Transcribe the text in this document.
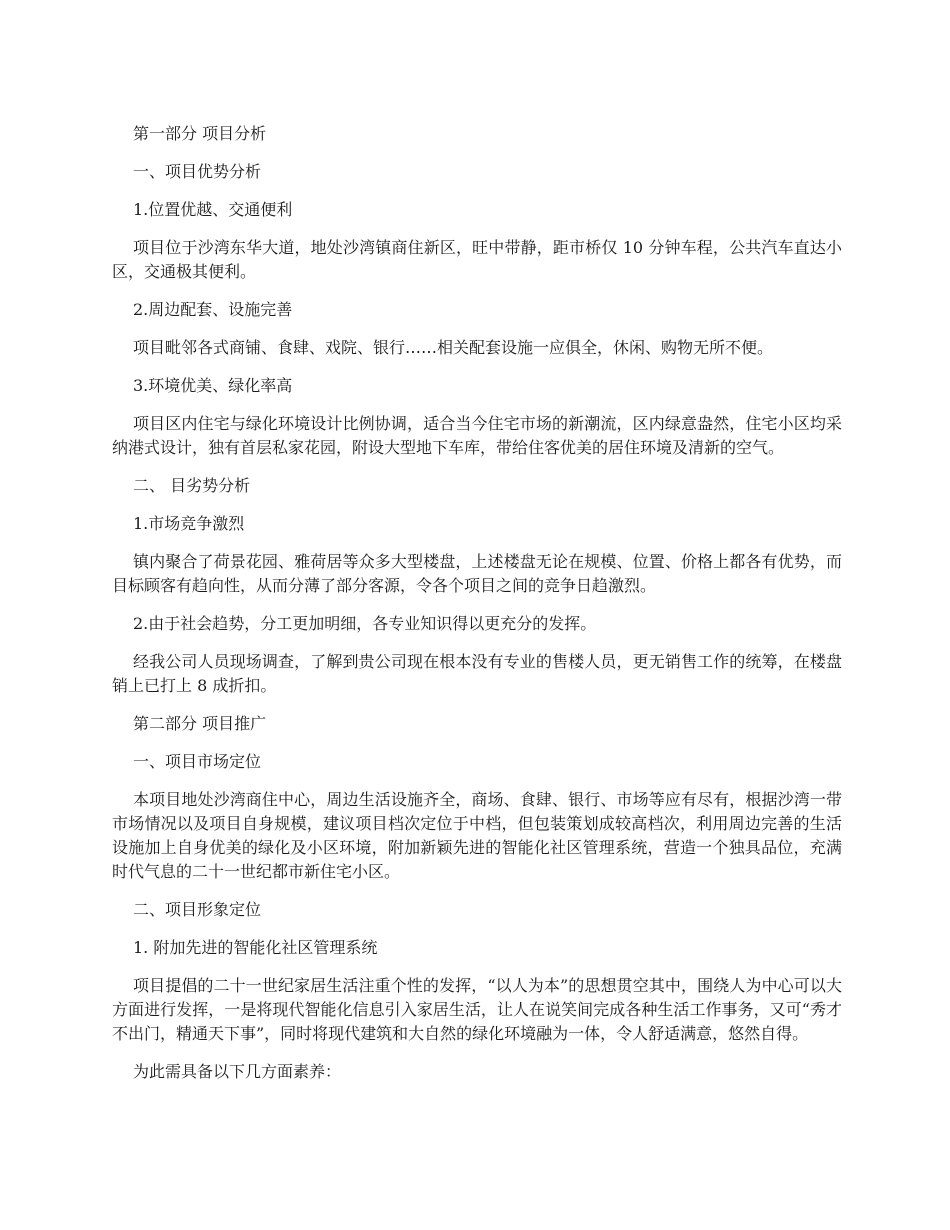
第一部分 项目分析

一、项目优势分析

1.位置优越、交通便利

项目位于沙湾东华大道，地处沙湾镇商住新区，旺中带静，距市桥仅 10 分钟车程，公共汽车直达小区，交通极其便利。

2.周边配套、设施完善

项目毗邻各式商铺、食肆、戏院、银行……相关配套设施一应俱全，休闲、购物无所不便。

3.环境优美、绿化率高

项目区内住宅与绿化环境设计比例协调，适合当今住宅市场的新潮流，区内绿意盎然，住宅小区均采纳港式设计，独有首层私家花园，附设大型地下车库，带给住客优美的居住环境及清新的空气。

二、 目劣势分析

1.市场竞争激烈

镇内聚合了荷景花园、雅荷居等众多大型楼盘，上述楼盘无论在规模、位置、价格上都各有优势，而目标顾客有趋向性，从而分薄了部分客源，令各个项目之间的竞争日趋激烈。

2.由于社会趋势，分工更加明细，各专业知识得以更充分的发挥。

经我公司人员现场调查，了解到贵公司现在根本没有专业的售楼人员，更无销售工作的统筹，在楼盘销上已打上 8 成折扣。

第二部分 项目推广

一、项目市场定位

本项目地处沙湾商住中心，周边生活设施齐全，商场、食肆、银行、市场等应有尽有，根据沙湾一带市场情况以及项目自身规模，建议项目档次定位于中档，但包装策划成较高档次，利用周边完善的生活设施加上自身优美的绿化及小区环境，附加新颖先进的智能化社区管理系统，营造一个独具品位，充满时代气息的二十一世纪都市新住宅小区。

二、项目形象定位

1. 附加先进的智能化社区管理系统

项目提倡的二十一世纪家居生活注重个性的发挥，“以人为本”的思想贯空其中，围绕人为中心可以大方面进行发挥，一是将现代智能化信息引入家居生活，让人在说笑间完成各种生活工作事务，又可“秀才不出门，精通天下事”，同时将现代建筑和大自然的绿化环境融为一体，令人舒适满意，悠然自得。

为此需具备以下几方面素养：
